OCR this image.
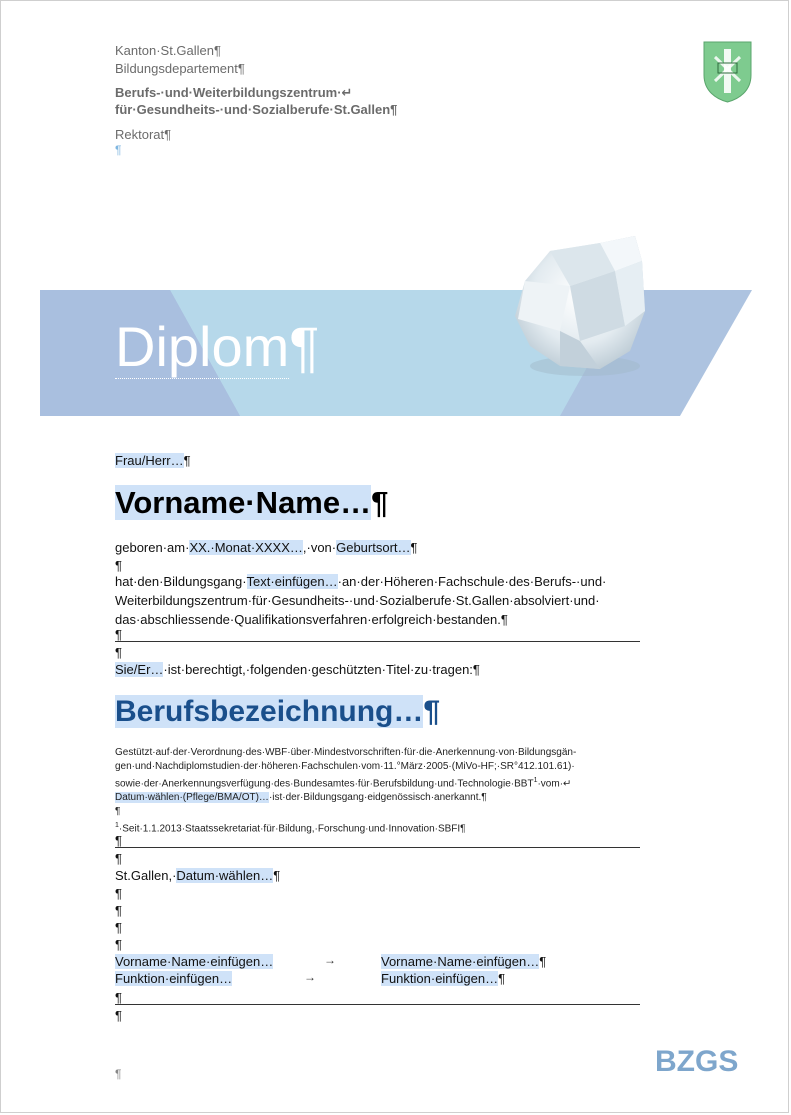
Kanton·St.Gallen¶
Bildungsdepartement¶
Berufs-·und·Weiterbildungszentrum·↵
für·Gesundheits-·und·Sozialberufe·St.Gallen¶
Rektorat¶
¶
Diplom¶
Frau/Herr…¶
Vorname·Name…¶
geboren·am·XX.·Monat·XXXX…,·von·Geburtsort…¶
¶
hat·den·Bildungsgang·Text·einfügen…·an·der·Höheren·Fachschule·des·Berufs-·und·
Weiterbildungszentrum·für·Gesundheits-·und·Sozialberufe·St.Gallen·absolviert·und·
das·abschliessende·Qualifikationsverfahren·erfolgreich·bestanden.¶
¶
¶
Sie/Er…·ist·berechtigt,·folgenden·geschützten·Titel·zu·tragen:¶
Berufsbezeichnung…¶
Gestützt·auf·der·Verordnung·des·WBF·über·Mindestvorschriften·für·die·Anerkennung·von·Bildungsgän-
gen·und·Nachdiplomstudien·der·höheren·Fachschulen·vom·11.°März·2005·(MiVo-HF;·SR°412.101.61)·
$sowie\cdot der\cdot Anerkennungsverfügung\cdot des\cdot Bundesamtes\cdot für\cdot Berufsbildung\cdot und\cdot Technologie\cdot BBT^1\cdot vom\cdot↵$
Datum·wählen·(Pflege/BMA/OT)…·ist·der·Bildungsgang·eidgenössisch·anerkannt.¶
¶
$^1$·Seit·1.1.2013·Staatssekretariat·für·Bildung,·Forschung·und·Innovation·SBFI¶
¶
¶
St.Gallen,·Datum·wählen…¶
¶
¶
¶
¶
Vorname·Name·einfügen…	→	Vorname·Name·einfügen…¶
Funktion·einfügen…	→	Funktion·einfügen…¶
¶
¶
¶	BZGS
